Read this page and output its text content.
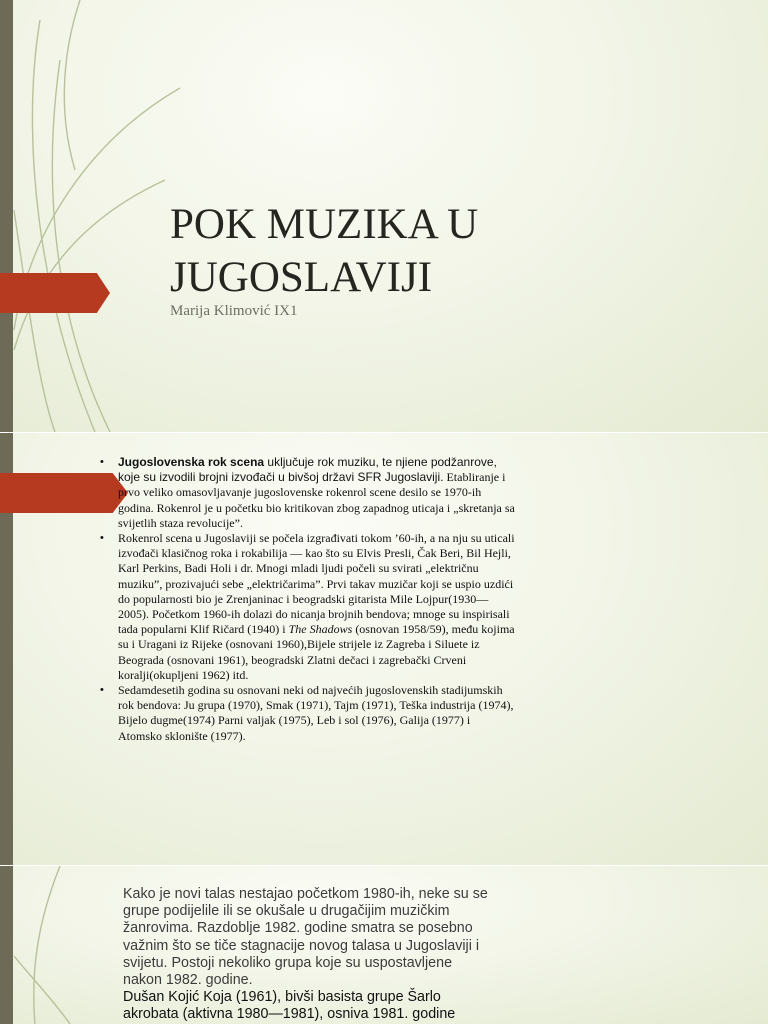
POK MUZIKA U JUGOSLAVIJI
Marija Klimović IX1
• Jugoslovenska rok scena uključuje rok muziku, te njiene podžanrove, koje su izvodili brojni izvođači u bivšoj državi SFR Jugoslaviji. Etabliranje i prvo veliko omasovljavanje jugoslovenske rokenrol scene desilo se 1970-ih godina. Rokenrol je u početku bio kritikovan zbog zapadnog uticaja i „skretanja sa svijetlih staza revolucije”.
• Rokenrol scena u Jugoslaviji se počela izgrađivati tokom ’60-ih, a na nju su uticali izvođači klasičnog roka i rokabilija — kao što su Elvis Presli, Čak Beri, Bil Hejli, Karl Perkins, Badi Holi i dr. Mnogi mladi ljudi počeli su svirati „električnu muziku”, prozivajući sebe „električarima”. Prvi takav muzičar koji se uspio uzdići do popularnosti bio je Zrenjaninac i beogradski gitarista Mile Lojpur(1930—2005). Početkom 1960-ih dolazi do nicanja brojnih bendova; mnoge su inspirisali tada popularni Klif Ričard (1940) i The Shadows (osnovan 1958/59), među kojima su i Uragani iz Rijeke (osnovani 1960),Bijele strijele iz Zagreba i Siluete iz Beograda (osnovani 1961), beogradski Zlatni dečaci i zagrebački Crveni koralji(okupljeni 1962) itd.
• Sedamdesetih godina su osnovani neki od najvećih jugoslovenskih stadijumskih rok bendova: Ju grupa (1970), Smak (1971), Tajm (1971), Teška industrija (1974), Bijelo dugme(1974) Parni valjak (1975), Leb i sol (1976), Galija (1977) i Atomsko sklonište (1977).
Kako je novi talas nestajao početkom 1980-ih, neke su se
grupe podijelile ili se okušale u drugačijim muzičkim
žanrovima. Razdoblje 1982. godine smatra se posebno
važnim što se tiče stagnacije novog talasa u Jugoslaviji i
svijetu. Postoji nekoliko grupa koje su uspostavljene
nakon 1982. godine.
Dušan Kojić Koja (1961), bivši basista grupe Šarlo
akrobata (aktivna 1980—1981), osniva 1981. godine
